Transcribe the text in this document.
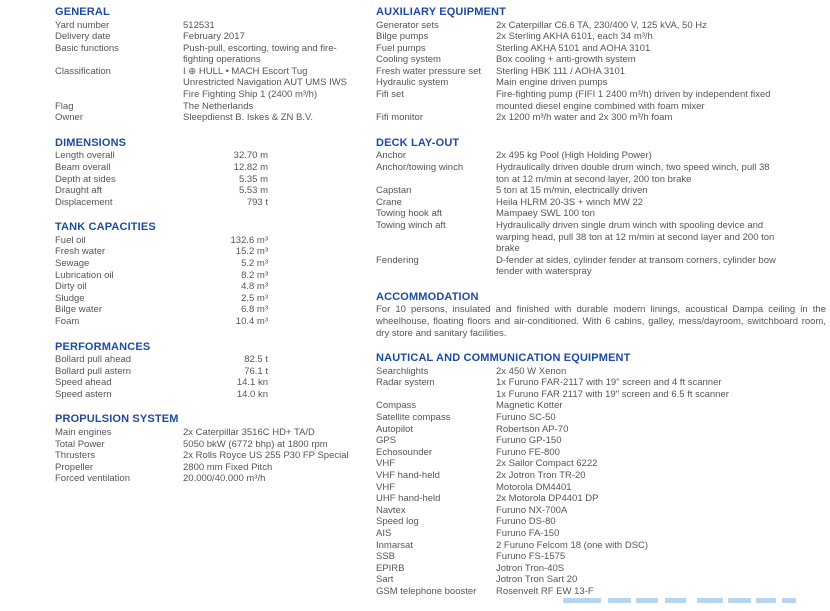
GENERAL
Yard number	512531
Delivery date	February 2017
Basic functions	Push-pull, escorting, towing and fire-
fighting operations
Classification	I ⊕ HULL • MACH Escort Tug
Unrestricted Navigation AUT UMS IWS
Fire Fighting Ship 1 (2400 m³/h)
Flag	The Netherlands
Owner	Sleepdienst B. Iskes & ZN B.V.
DIMENSIONS
Length overall	32.70 m
Beam overall	12.82 m
Depth at sides	5.35 m
Draught aft	5.53 m
Displacement	793 t
TANK CAPACITIES
Fuel oil	132.6 m³
Fresh water	15.2 m³
Sewage	5.2 m³
Lubrication oil	8.2 m³
Dirty oil	4.8 m³
Sludge	2.5 m³
Bilge water	6.8 m³
Foam	10.4 m³
PERFORMANCES
Bollard pull ahead	82.5 t
Bollard pull astern	76.1 t
Speed ahead	14.1 kn
Speed astern	14.0 kn
PROPULSION SYSTEM
Main engines	2x Caterpillar 3516C HD+ TA/D
Total Power	5050 bkW (6772 bhp) at 1800 rpm
Thrusters	2x Rolls Royce US 255 P30 FP Special
Propeller	2800 mm Fixed Pitch
Forced ventilation	20.000/40.000 m³/h
AUXILIARY EQUIPMENT
Generator sets	2x Caterpillar C6.6 TA, 230/400 V, 125 kVA, 50 Hz
Bilge pumps	2x Sterling AKHA 6101, each 34 m³/h
Fuel pumps	Sterling AKHA 5101 and AOHA 3101
Cooling system	Box cooling + anti-growth system
Fresh water pressure set	Sterling HBK 111 / AOHA 3101
Hydraulic system	Main engine driven pumps
Fifi set	Fire-fighting pump (FIFI 1 2400 m³/h) driven by independent fixed
mounted diesel engine combined with foam mixer
Fifi monitor	2x 1200 m³/h water and 2x 300 m³/h foam
DECK LAY-OUT
Anchor	2x 495 kg Pool (High Holding Power)
Anchor/towing winch	Hydraulically driven double drum winch, two speed winch, pull 38
ton at 12 m/min at second layer, 200 ton brake
Capstan	5 ton at 15 m/min, electrically driven
Crane	Heila HLRM 20-3S + winch MW 22
Towing hook aft	Mampaey SWL 100 ton
Towing winch aft	Hydraulically driven single drum winch with spooling device and
warping head, pull 38 ton at 12 m/min at second layer and 200 ton
brake
Fendering	D-fender at sides, cylinder fender at transom corners, cylinder bow
fender with waterspray
ACCOMMODATION
For 10 persons, insulated and finished with durable modern linings, acoustical Dampa ceiling in the wheelhouse, floating floors and air-conditioned. With 6 cabins, galley, mess/dayroom, switchboard room, dry store and sanitary facilities.
NAUTICAL AND COMMUNICATION EQUIPMENT
Searchlights	2x 450 W Xenon
Radar system	1x Furuno FAR-2117 with 19" screen and 4 ft scanner
1x Furuno FAR 2117 with 19" screen and 6.5 ft scanner
Compass	Magnetic Kotter
Satellite compass	Furuno SC-50
Autopilot	Robertson AP-70
GPS	Furuno GP-150
Echosounder	Furuno FE-800
VHF	2x Sailor Compact 6222
VHF hand-held	2x Jotron Tron TR-20
VHF	Motorola DM4401
UHF hand-held	2x Motorola DP4401 DP
Navtex	Furuno NX-700A
Speed log	Furuno DS-80
AIS	Furuno FA-150
Inmarsat	2 Furuno Felcom 18 (one with DSC)
SSB	Furuno FS-1575
EPIRB	Jotron Tron-40S
Sart	Jotron Tron Sart 20
GSM telephone booster	Rosenvelt RF EW 13-F
